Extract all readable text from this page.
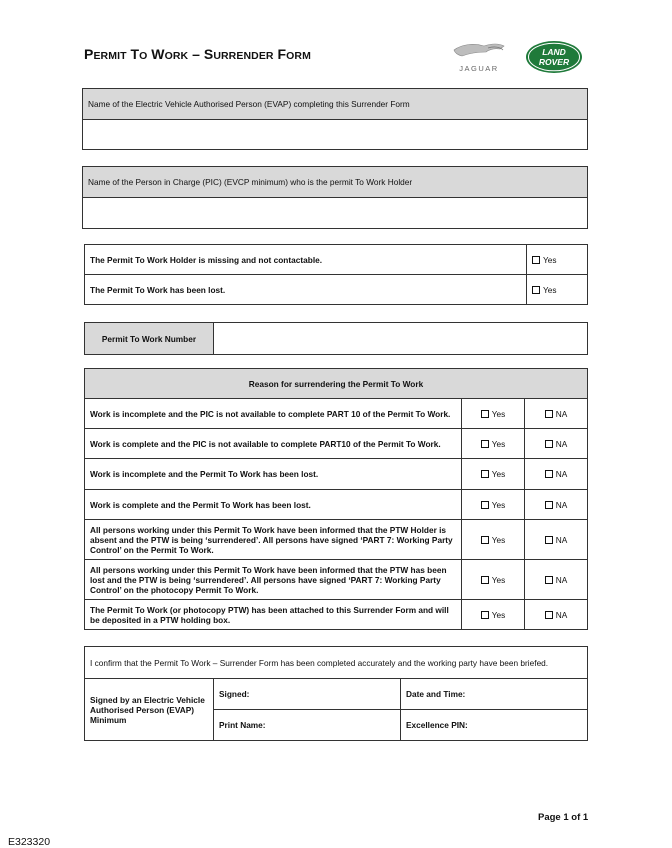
PERMIT TO WORK – SURRENDER FORM
JAGUAR
LAND
ROVER
Name of the Electric Vehicle Authorised Person (EVAP) completing this Surrender Form

Name of the Person in Charge (PIC) (EVCP minimum) who is the permit To Work Holder

The Permit To Work Holder is missing and not contactable.	Yes
The Permit To Work has been lost.	Yes
Permit To Work Number	
Reason for surrendering the Permit To Work		
Work is incomplete and the PIC is not available to complete PART 10 of the Permit To Work.	Yes	NA
Work is complete and the PIC is not available to complete PART10 of the Permit To Work.	Yes	NA
Work is incomplete and the Permit To Work has been lost.	Yes	NA
Work is complete and the Permit To Work has been lost.	Yes	NA
All persons working under this Permit To Work have been informed that the PTW Holder is absent and the PTW is being ‘surrendered’. All persons have signed ‘PART 7: Working Party Control’ on the Permit To Work.	Yes	NA
All persons working under this Permit To Work have been informed that the PTW has been lost and the PTW is being ‘surrendered’. All persons have signed ‘PART 7: Working Party Control’ on the photocopy Permit To Work.	Yes	NA
The Permit To Work (or photocopy PTW) has been attached to this Surrender Form and will be deposited in a PTW holding box.	Yes	NA
I confirm that the Permit To Work – Surrender Form has been completed accurately and the working party have been briefed.		
Signed by an Electric Vehicle Authorised Person (EVAP) Minimum	Signed:	Date and Time:
	Print Name:	Excellence PIN:
Page 1 of 1
E323320
